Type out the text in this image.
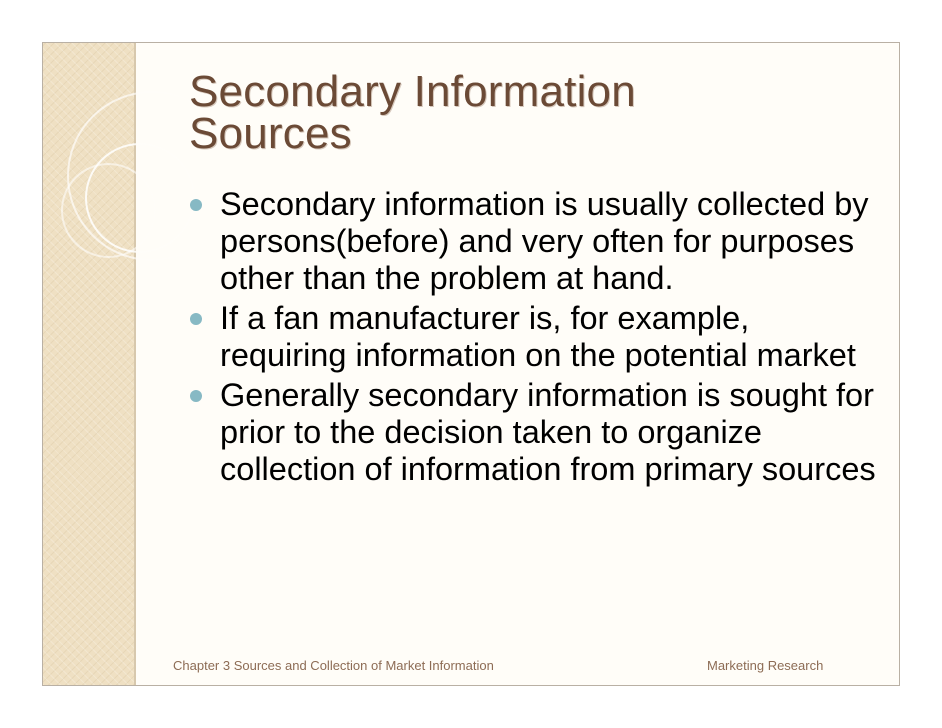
Secondary Information
Sources
Secondary information is usually collected by persons(before) and very often for purposes other than the problem at hand.
If a fan manufacturer is, for example, requiring information on the potential market
Generally secondary information is sought for prior to the decision taken to organize collection of information from primary sources
Chapter 3 Sources and Collection of Market Information	Marketing Research
